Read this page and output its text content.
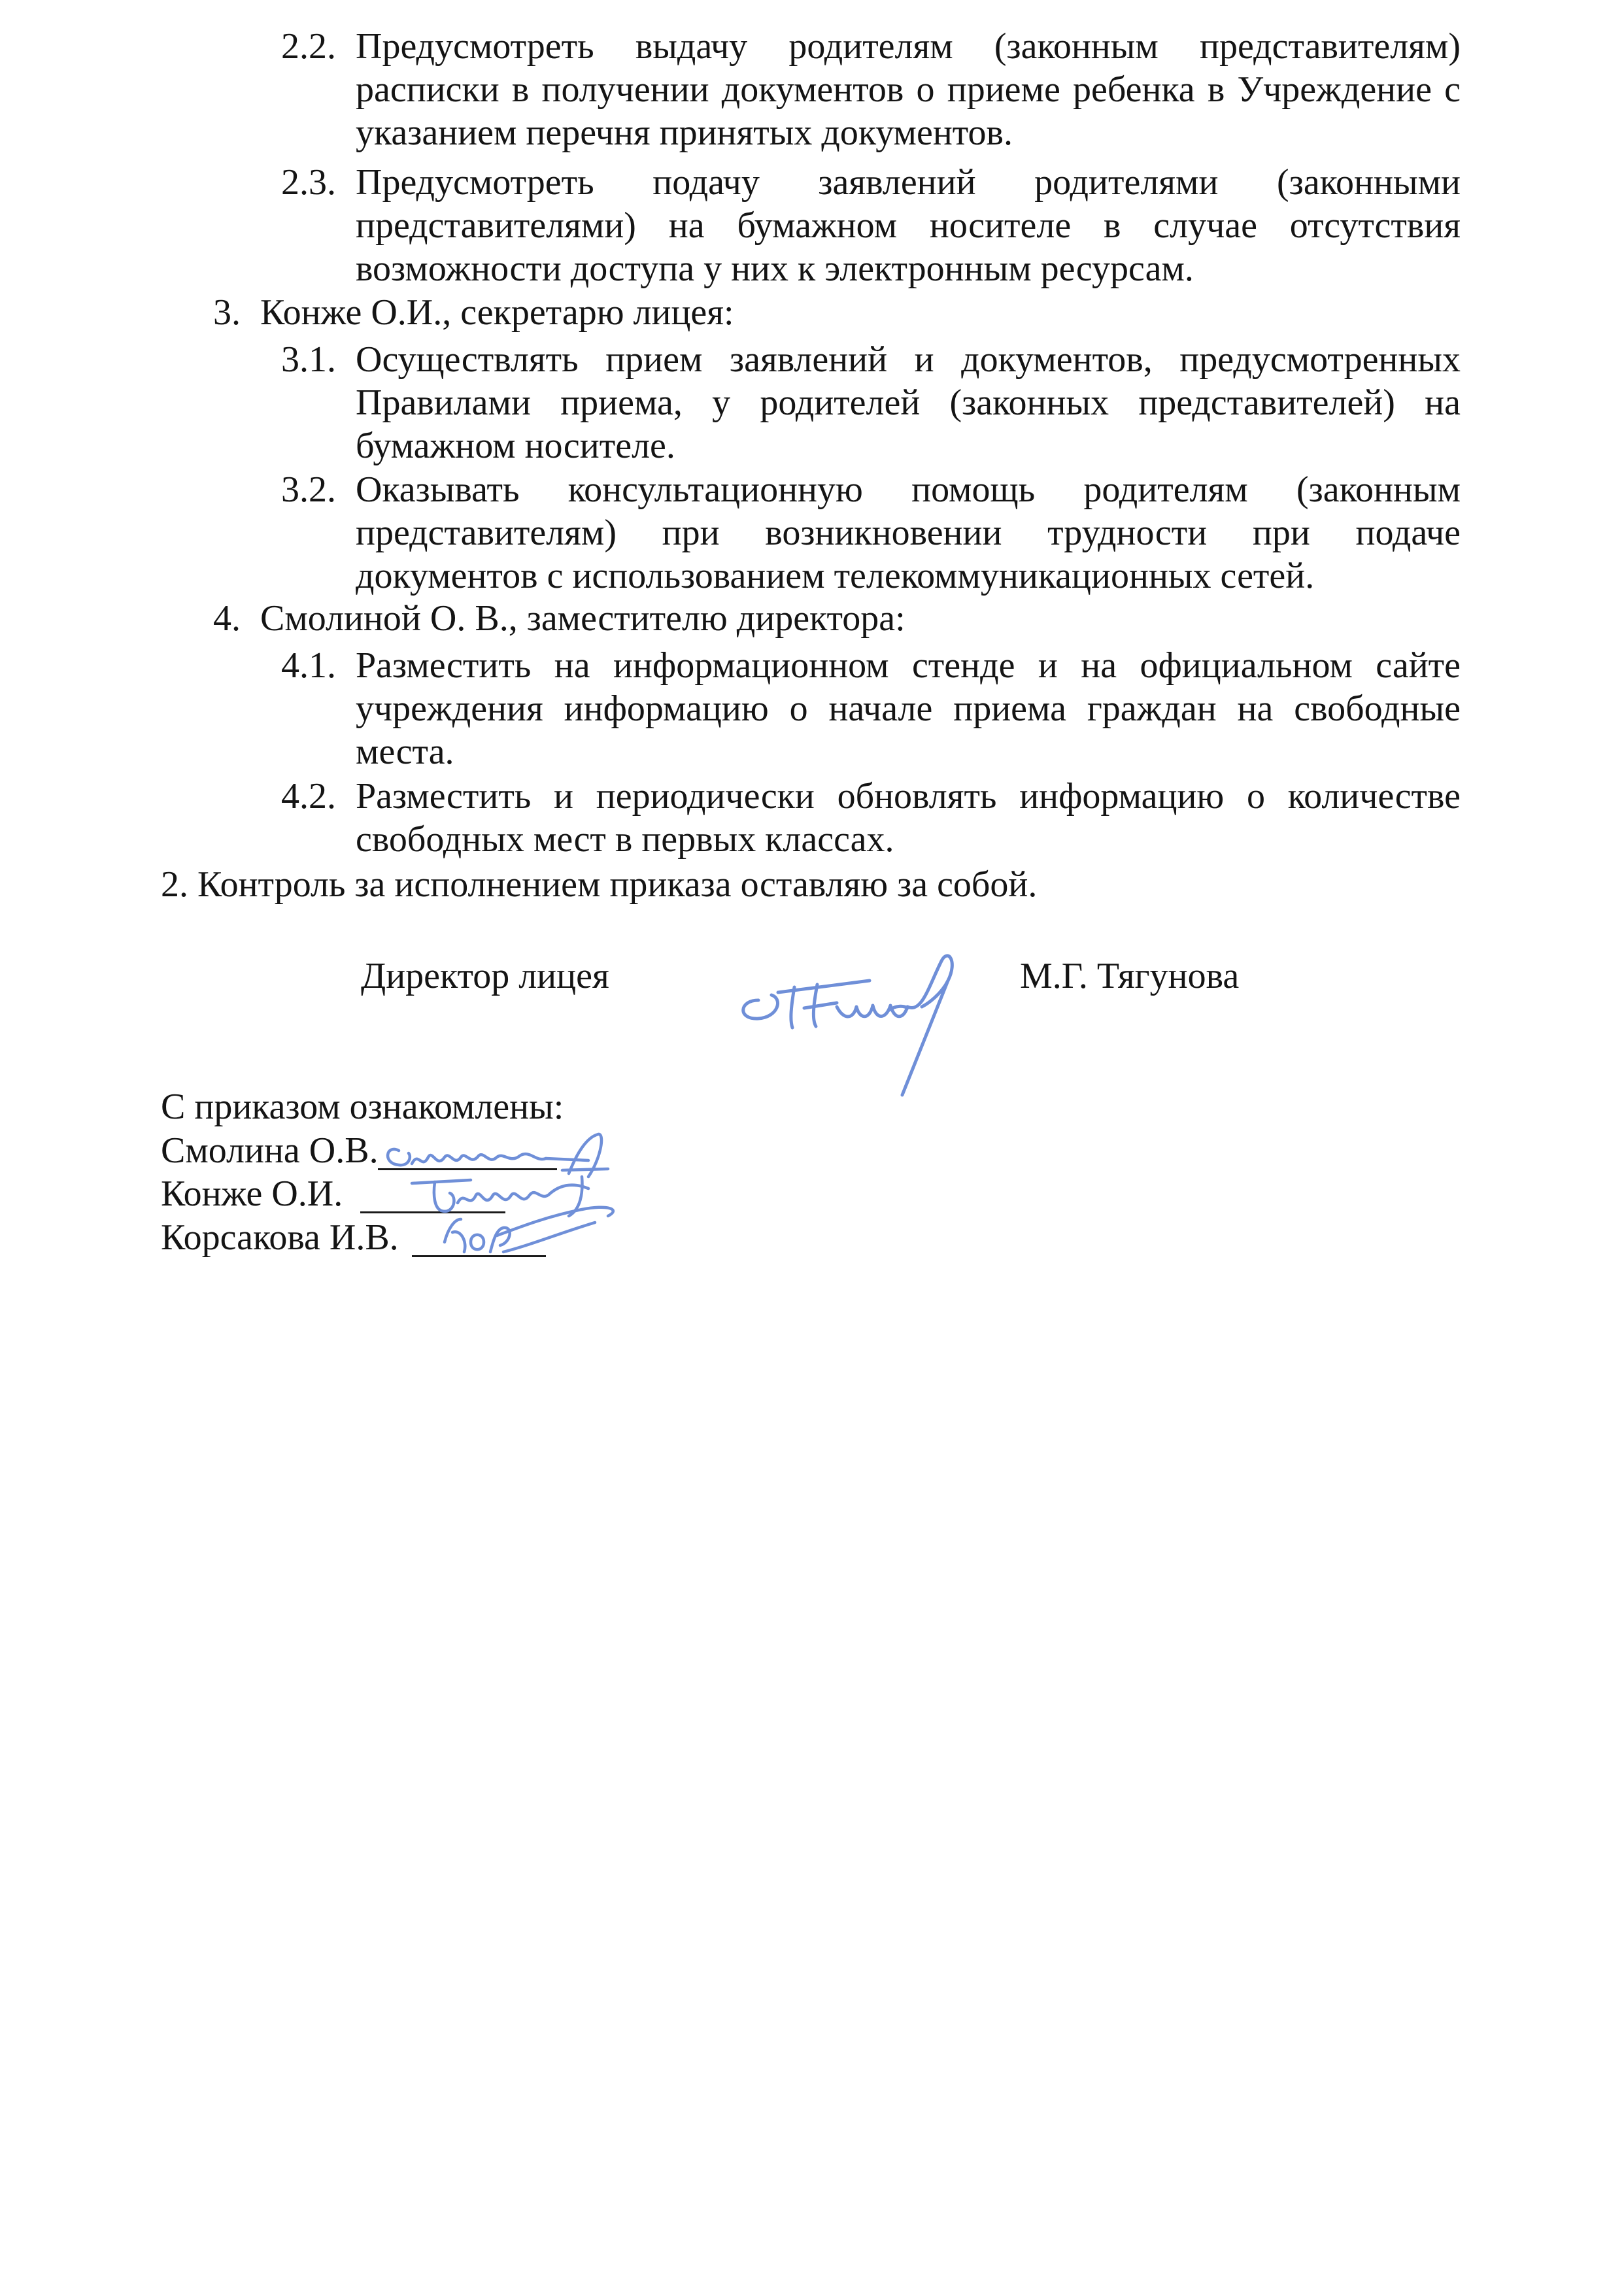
2.2. Предусмотреть выдачу родителям (законным представителям) расписки в получении документов о приеме ребенка в Учреждение с указанием перечня принятых документов.
2.3. Предусмотреть подачу заявлений родителями (законными представителями) на бумажном носителе в случае отсутствия возможности доступа у них к электронным ресурсам.
3. Конже О.И., секретарю лицея:
3.1. Осуществлять прием заявлений и документов, предусмотренных Правилами приема, у родителей (законных представителей) на бумажном носителе.
3.2. Оказывать консультационную помощь родителям (законным представителям) при возникновении трудности при подаче документов с использованием телекоммуникационных сетей.
4. Смолиной О. В., заместителю директора:
4.1. Разместить на информационном стенде и на официальном сайте учреждения информацию о начале приема граждан на свободные места.
4.2. Разместить и периодически обновлять информацию о количестве свободных мест в первых классах.
2. Контроль за исполнением приказа оставляю за собой.
Директор лицея	М.Г. Тягунова
С приказом ознакомлены:
Смолина О.В.
Конже О.И.
Корсакова И.В.
